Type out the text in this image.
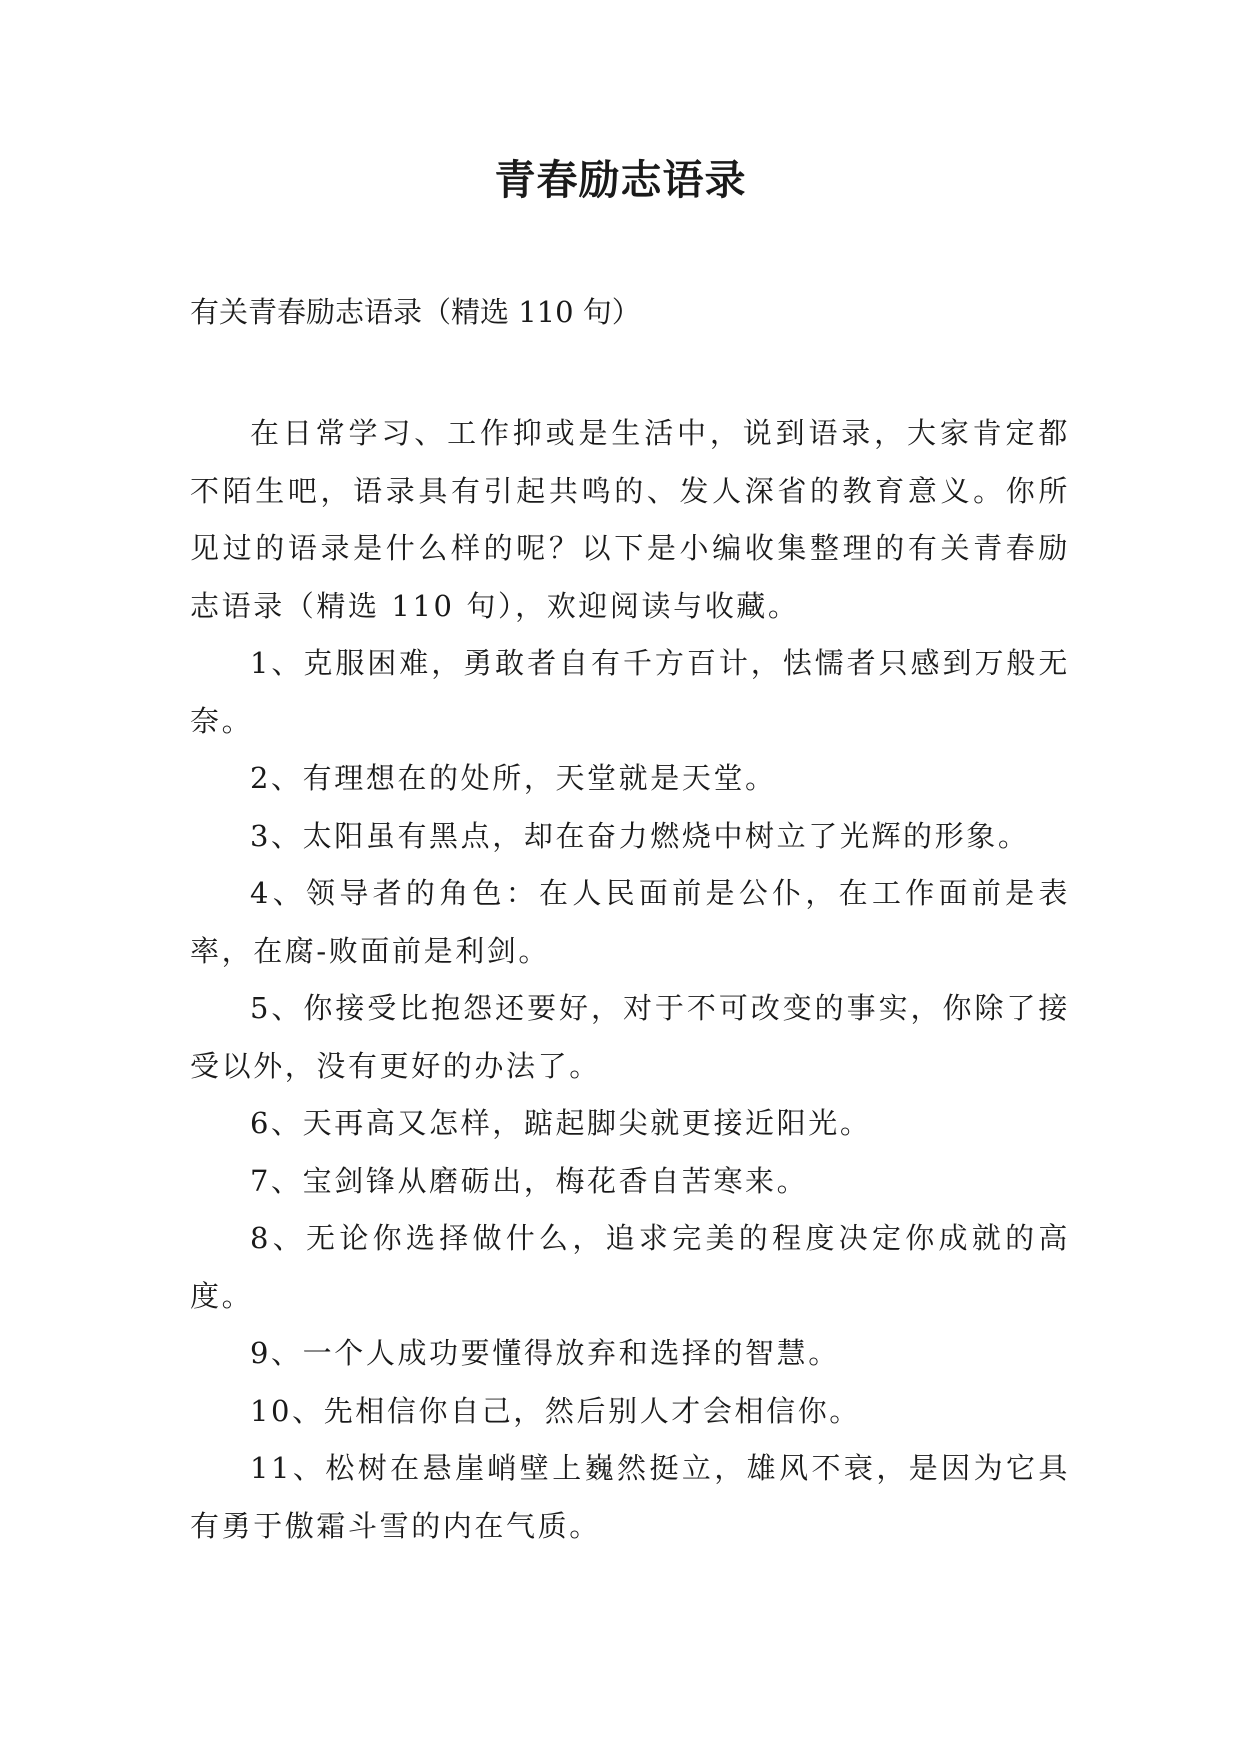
青春励志语录
有关青春励志语录（精选 110 句）

在日常学习、工作抑或是生活中，说到语录，大家肯定都不陌生吧，语录具有引起共鸣的、发人深省的教育意义。你所见过的语录是什么样的呢？以下是小编收集整理的有关青春励志语录（精选 110 句），欢迎阅读与收藏。

1、克服困难，勇敢者自有千方百计，怯懦者只感到万般无奈。

2、有理想在的处所，天堂就是天堂。

3、太阳虽有黑点，却在奋力燃烧中树立了光辉的形象。

4、领导者的角色：在人民面前是公仆，在工作面前是表率，在腐-败面前是利剑。

5、你接受比抱怨还要好，对于不可改变的事实，你除了接受以外，没有更好的办法了。

6、天再高又怎样，踮起脚尖就更接近阳光。

7、宝剑锋从磨砺出，梅花香自苦寒来。

8、无论你选择做什么，追求完美的程度决定你成就的高度。

9、一个人成功要懂得放弃和选择的智慧。

10、先相信你自己，然后别人才会相信你。

11、松树在悬崖峭壁上巍然挺立，雄风不衰，是因为它具有勇于傲霜斗雪的内在气质。
